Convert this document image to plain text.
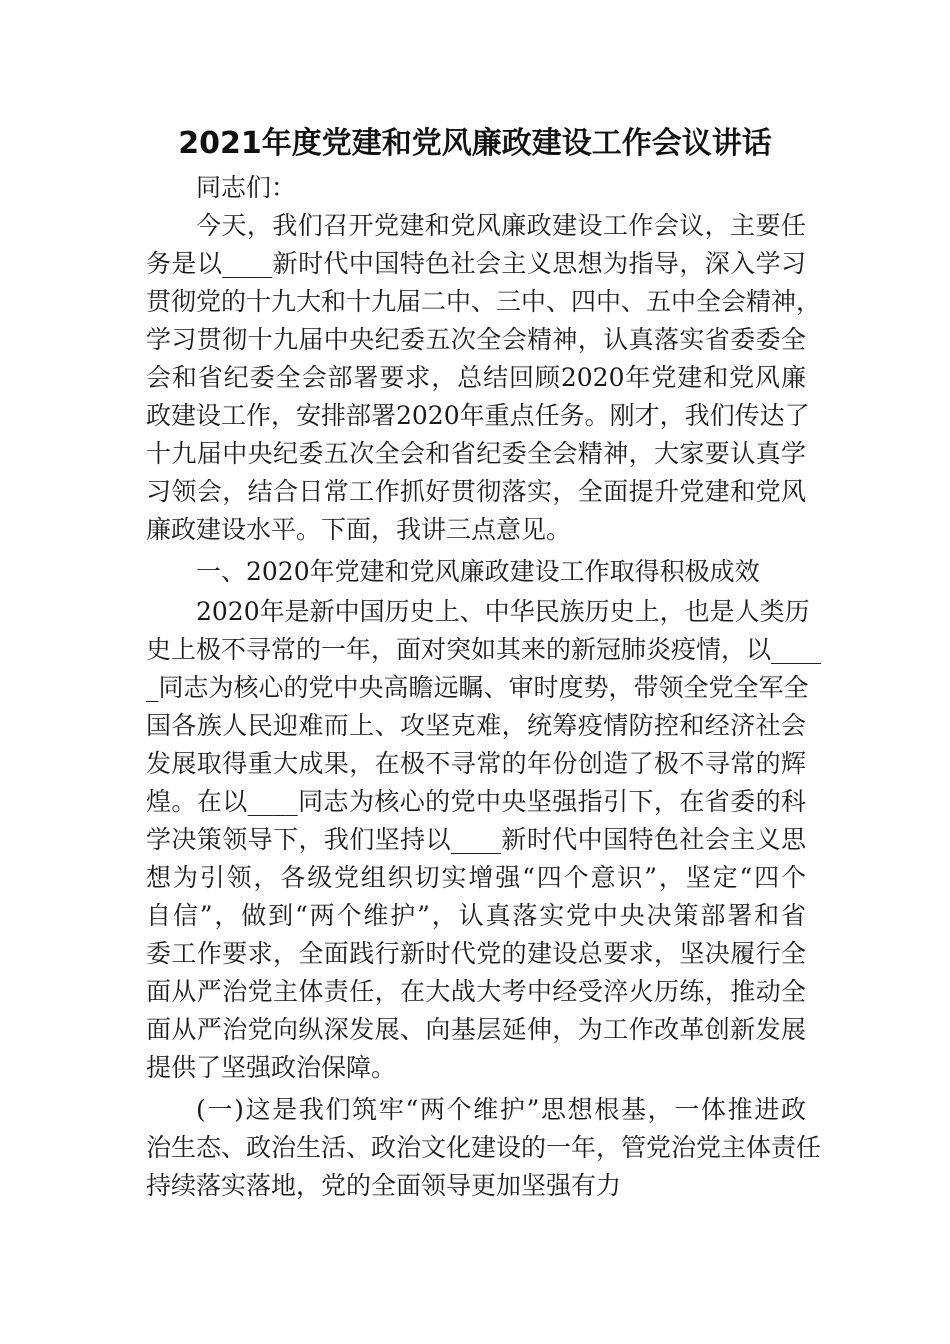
2021年度党建和党风廉政建设工作会议讲话
同志们：
今天，我们召开党建和党风廉政建设工作会议，主要任
务是以____新时代中国特色社会主义思想为指导，深入学习
贯彻党的十九大和十九届二中、三中、四中、五中全会精神，
学习贯彻十九届中央纪委五次全会精神，认真落实省委委全
会和省纪委全会部署要求，总结回顾2020年党建和党风廉
政建设工作，安排部署2020年重点任务。刚才，我们传达了
十九届中央纪委五次全会和省纪委全会精神，大家要认真学
习领会，结合日常工作抓好贯彻落实，全面提升党建和党风
廉政建设水平。下面，我讲三点意见。
一、2020年党建和党风廉政建设工作取得积极成效
2020年是新中国历史上、中华民族历史上，也是人类历
史上极不寻常的一年，面对突如其来的新冠肺炎疫情，以____
_同志为核心的党中央高瞻远瞩、审时度势，带领全党全军全
国各族人民迎难而上、攻坚克难，统筹疫情防控和经济社会
发展取得重大成果，在极不寻常的年份创造了极不寻常的辉
煌。在以____同志为核心的党中央坚强指引下，在省委的科
学决策领导下，我们坚持以____新时代中国特色社会主义思
想为引领，各级党组织切实增强“四个意识”，坚定“四个
自信”，做到“两个维护”，认真落实党中央决策部署和省
委工作要求，全面践行新时代党的建设总要求，坚决履行全
面从严治党主体责任，在大战大考中经受淬火历练，推动全
面从严治党向纵深发展、向基层延伸，为工作改革创新发展
提供了坚强政治保障。
(一)这是我们筑牢“两个维护”思想根基，一体推进政
治生态、政治生活、政治文化建设的一年，管党治党主体责任
持续落实落地，党的全面领导更加坚强有力
